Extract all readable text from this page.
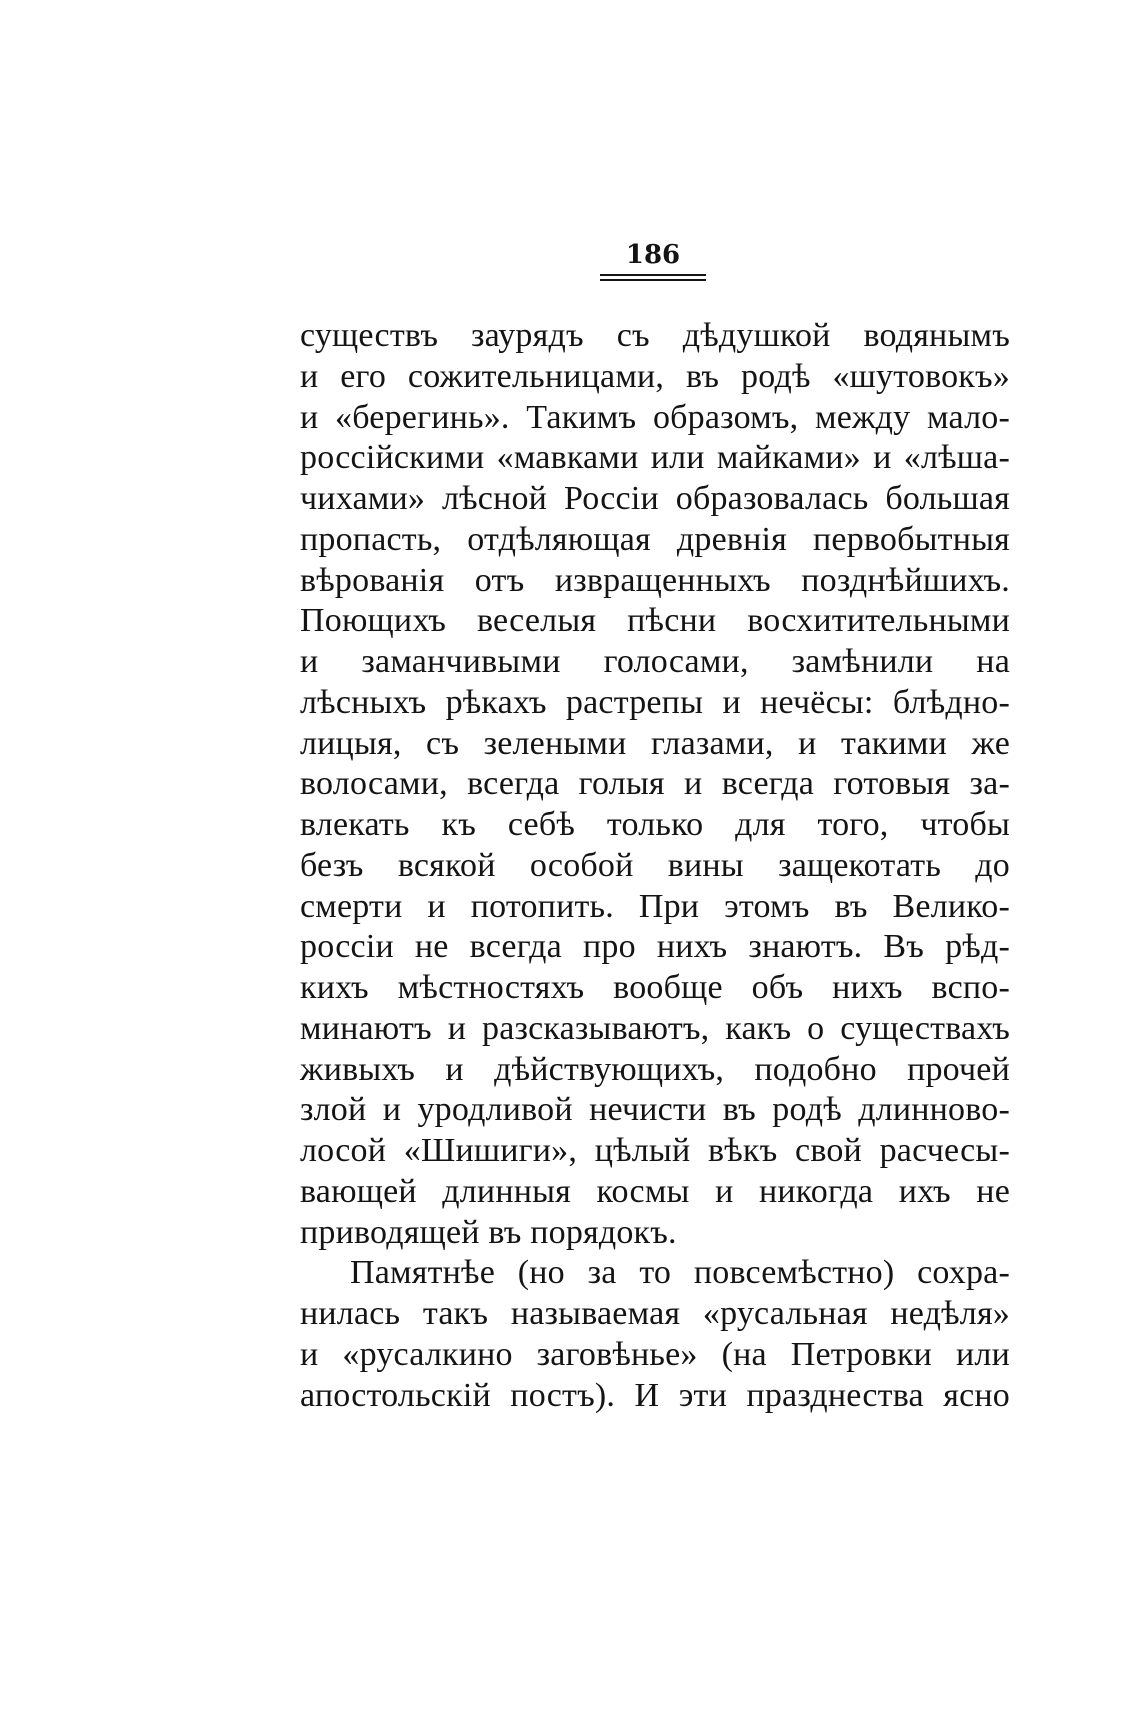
186
существъ заурядъ съ дѣдушкой водянымъ
и его сожительницами, въ родѣ «шутовокъ»
и «берегинь». Такимъ образомъ, между мало-
россійскими «мавками или майками» и «лѣша-
чихами» лѣсной Россіи образовалась большая
пропасть, отдѣляющая древнія первобытныя
вѣрованія отъ извращенныхъ позднѣйшихъ.
Поющихъ веселыя пѣсни восхитительными
и заманчивыми голосами, замѣнили на
лѣсныхъ рѣкахъ растрепы и нечёсы: блѣдно-
лицыя, съ зелеными глазами, и такими же
волосами, всегда голыя и всегда готовыя за-
влекать къ себѣ только для того, чтобы
безъ всякой особой вины защекотать до
смерти и потопить. При этомъ въ Велико-
россіи не всегда про нихъ знаютъ. Въ рѣд-
кихъ мѣстностяхъ вообще объ нихъ вспо-
минаютъ и разсказываютъ, какъ о существахъ
живыхъ и дѣйствующихъ, подобно прочей
злой и уродливой нечисти въ родѣ длинново-
лосой «Шишиги», цѣлый вѣкъ свой расчесы-
вающей длинныя космы и никогда ихъ не
приводящей въ порядокъ.
Памятнѣе (но за то повсемѣстно) сохра-
нилась такъ называемая «русальная недѣля»
и «русалкино заговѣнье» (на Петровки или
апостольскій постъ). И эти празднества ясно
